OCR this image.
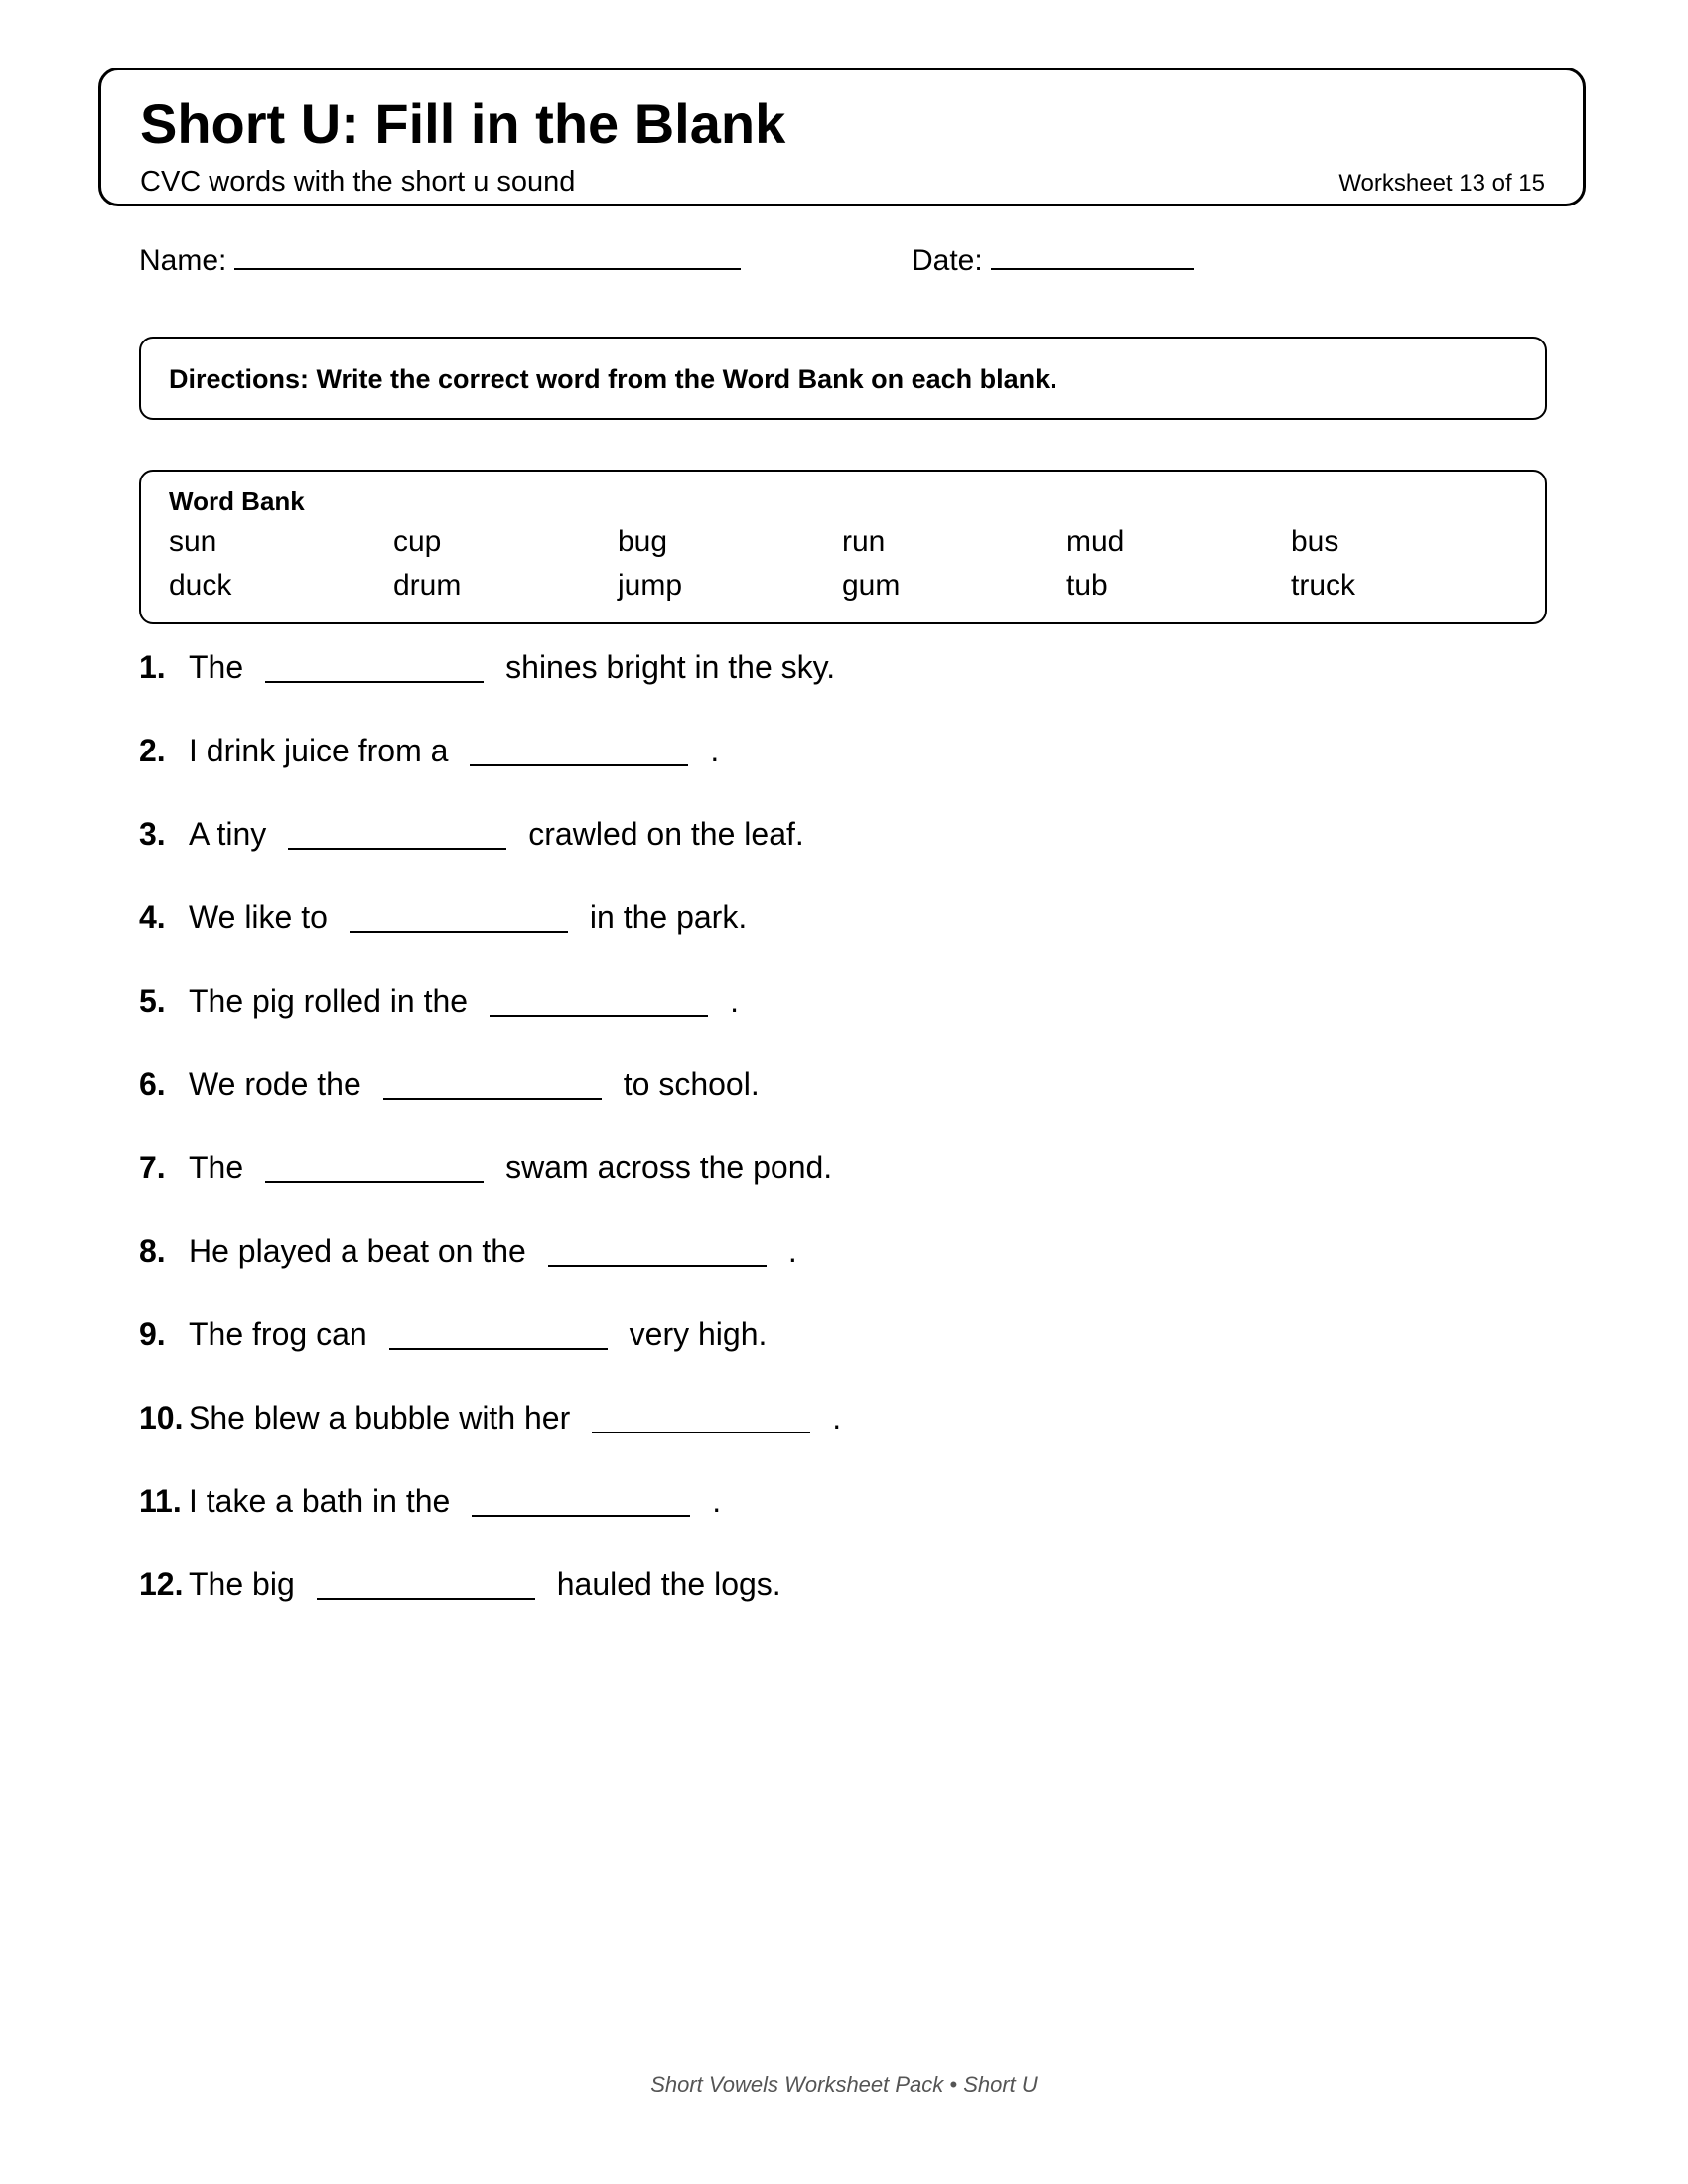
Short U: Fill in the Blank
CVC words with the short u sound	Worksheet 13 of 15
Name:	Date:
Directions: Write the correct word from the Word Bank on each blank.
Word Bank
sun	cup	bug	run	mud	bus
duck	drum	jump	gum	tub	truck
1. The	shines bright in the sky.
2. I drink juice from a	.
3. A tiny	crawled on the leaf.
4. We like to	in the park.
5. The pig rolled in the	.
6. We rode the	to school.
7. The	swam across the pond.
8. He played a beat on the	.
9. The frog can	very high.
10. She blew a bubble with her	.
11. I take a bath in the	.
12. The big	hauled the logs.
Short Vowels Worksheet Pack • Short U
